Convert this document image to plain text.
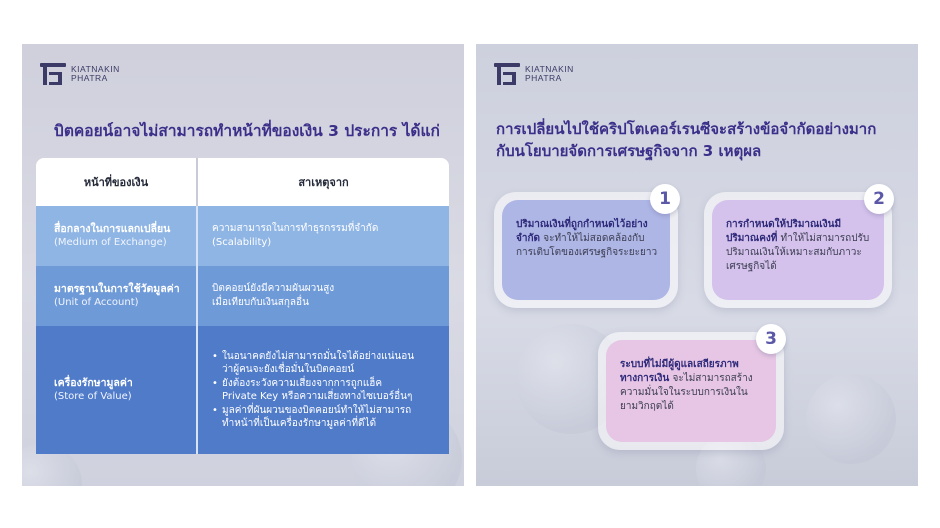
KIATNAKIN
PHATRA
บิตคอยน์อาจไม่สามารถทำหน้าที่ของเงิน 3 ประการ ได้แก่
หน้าที่ของเงิน	สาเหตุจาก
สื่อกลางในการแลกเปลี่ยน
(Medium of Exchange)
ความสามารถในการทำธุรกรรมที่จำกัด
(Scalability)
มาตรฐานในการใช้วัดมูลค่า
(Unit of Account)
บิตคอยน์ยังมีความผันผวนสูง
เมื่อเทียบกับเงินสกุลอื่น
เครื่องรักษามูลค่า
(Store of Value)
• ในอนาคตยังไม่สามารถมั่นใจได้อย่างแน่นอน
ว่าผู้คนจะยังเชื่อมั่นในบิตคอยน์
• ยังต้องระวังความเสี่ยงจากการถูกแฮ็ค
Private Key หรือความเสี่ยงทางไซเบอร์อื่นๆ
• มูลค่าที่ผันผวนของบิตคอยน์ทำให้ไม่สามารถ
ทำหน้าที่เป็นเครื่องรักษามูลค่าที่ดีได้
KIATNAKIN
PHATRA
การเปลี่ยนไปใช้คริปโตเคอร์เรนซีจะสร้างข้อจำกัดอย่างมาก
กับนโยบายจัดการเศรษฐกิจจาก 3 เหตุผล
ปริมาณเงินที่ถูกกำหนดไว้อย่างจำกัด จะทำให้ไม่สอดคล้องกับการเติบโตของเศรษฐกิจระยะยาว
1
การกำหนดให้ปริมาณเงินมีปริมาณคงที่ ทำให้ไม่สามารถปรับปริมาณเงินให้เหมาะสมกับภาวะเศรษฐกิจได้
2
ระบบที่ไม่มีผู้ดูแลเสถียรภาพทางการเงิน จะไม่สามารถสร้างความมั่นใจในระบบการเงินในยามวิกฤตได้
3
